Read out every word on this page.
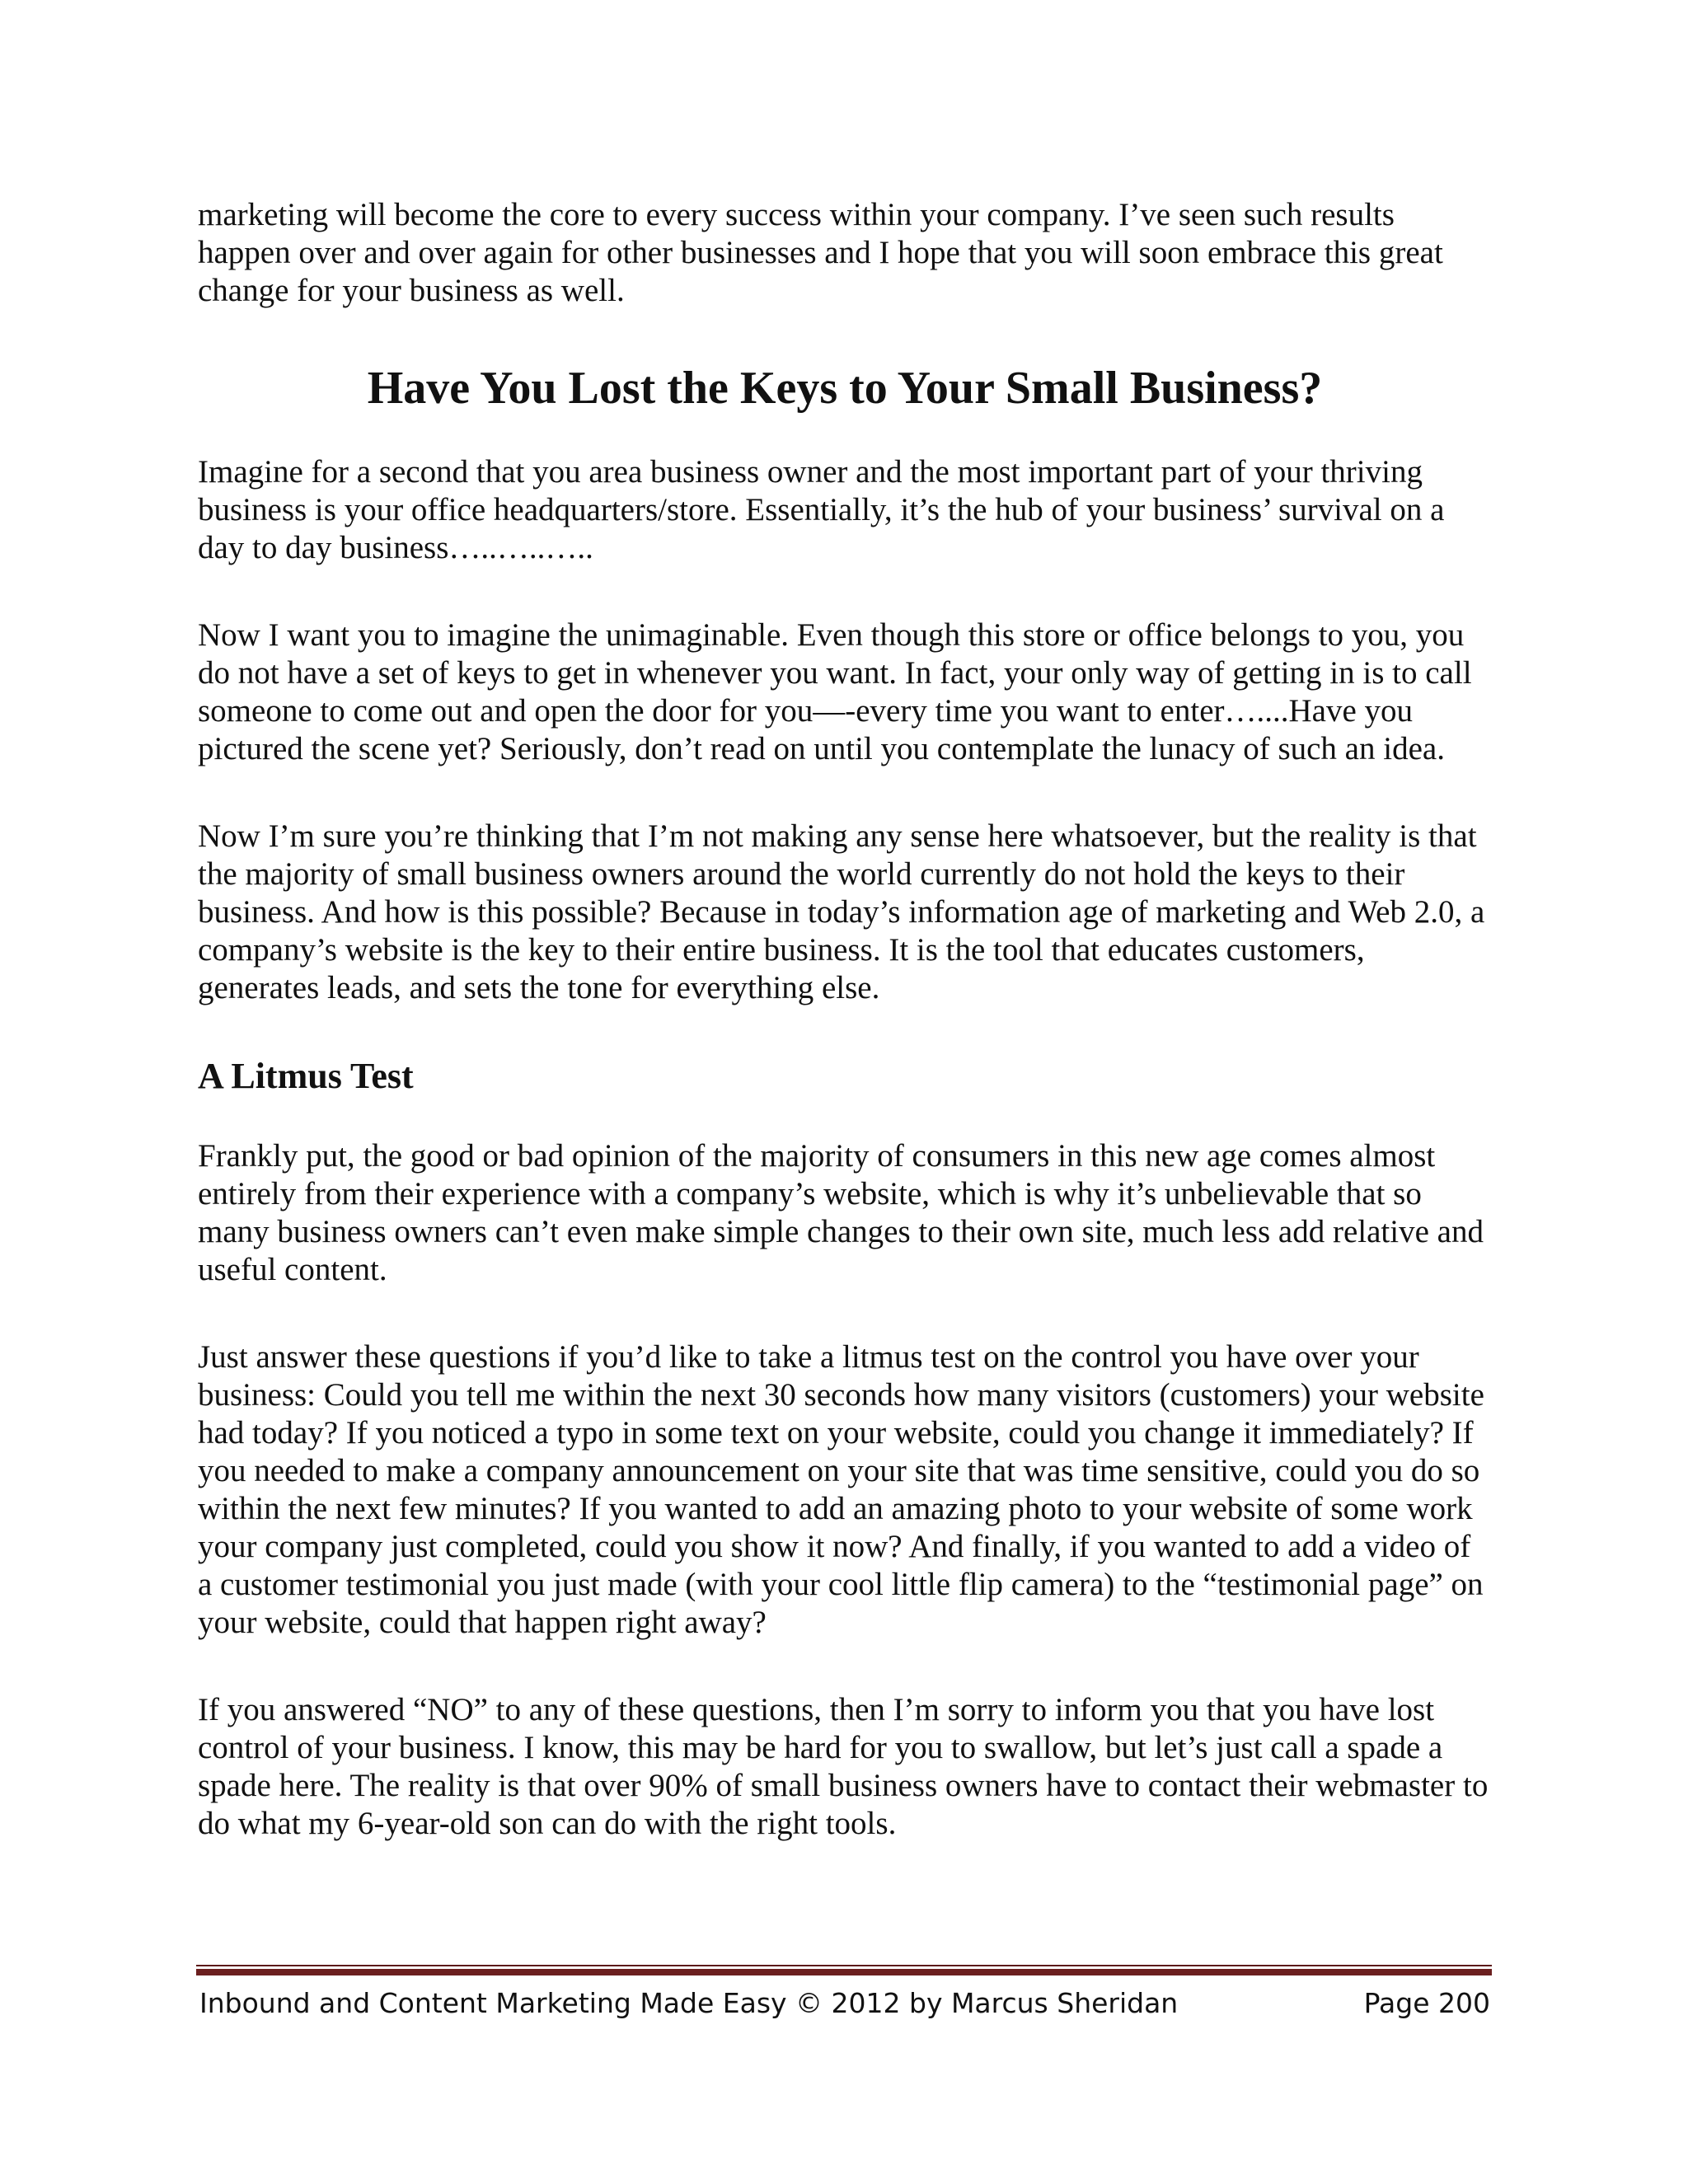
marketing will become the core to every success within your company. I’ve seen such results happen over and over again for other businesses and I hope that you will soon embrace this great change for your business as well.

Have You Lost the Keys to Your Small Business?

Imagine for a second that you area business owner and the most important part of your thriving business is your office headquarters/store. Essentially, it’s the hub of your business’ survival on a day to day business…..…..…..

Now I want you to imagine the unimaginable. Even though this store or office belongs to you, you do not have a set of keys to get in whenever you want. In fact, your only way of getting in is to call someone to come out and open the door for you—-every time you want to enter…....Have you pictured the scene yet? Seriously, don’t read on until you contemplate the lunacy of such an idea.

Now I’m sure you’re thinking that I’m not making any sense here whatsoever, but the reality is that the majority of small business owners around the world currently do not hold the keys to their business. And how is this possible? Because in today’s information age of marketing and Web 2.0, a company’s website is the key to their entire business. It is the tool that educates customers, generates leads, and sets the tone for everything else.

A Litmus Test

Frankly put, the good or bad opinion of the majority of consumers in this new age comes almost entirely from their experience with a company’s website, which is why it’s unbelievable that so many business owners can’t even make simple changes to their own site, much less add relative and useful content.

Just answer these questions if you’d like to take a litmus test on the control you have over your business: Could you tell me within the next 30 seconds how many visitors (customers) your website had today? If you noticed a typo in some text on your website, could you change it immediately? If you needed to make a company announcement on your site that was time sensitive, could you do so within the next few minutes? If you wanted to add an amazing photo to your website of some work your company just completed, could you show it now? And finally, if you wanted to add a video of a customer testimonial you just made (with your cool little flip camera) to the “testimonial page” on your website, could that happen right away?

If you answered “NO” to any of these questions, then I’m sorry to inform you that you have lost control of your business. I know, this may be hard for you to swallow, but let’s just call a spade a spade here. The reality is that over 90% of small business owners have to contact their webmaster to do what my 6-year-old son can do with the right tools.

Inbound and Content Marketing Made Easy © 2012 by Marcus Sheridan	Page 200
